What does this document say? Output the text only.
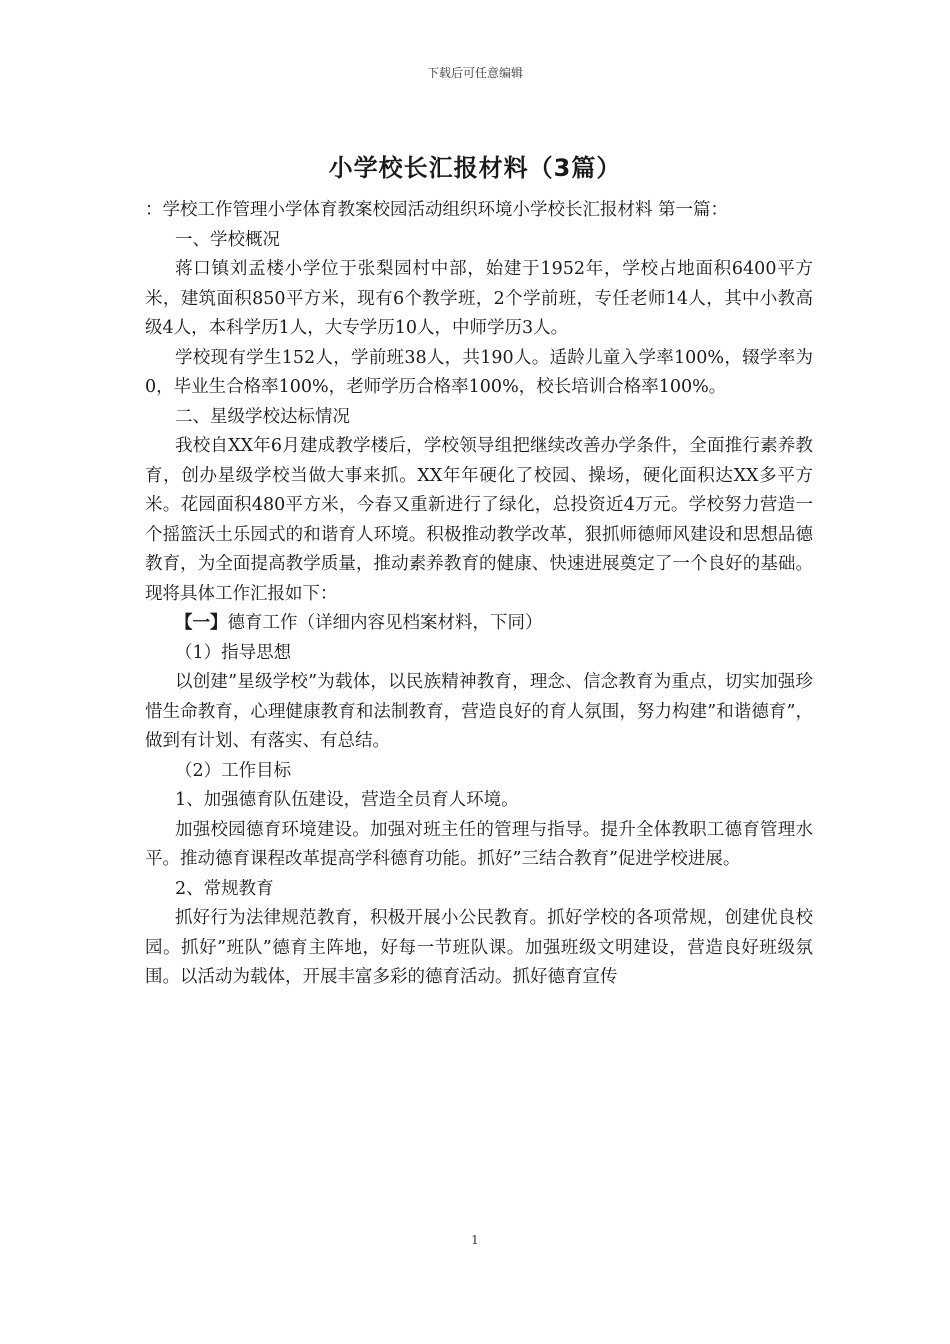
下载后可任意编辑
小学校长汇报材料（3篇）

：学校工作管理小学体育教案校园活动组织环境小学校长汇报材料 第一篇：

一、学校概况

蒋口镇刘孟楼小学位于张梨园村中部，始建于1952年，学校占地面积6400平方米，建筑面积850平方米，现有6个教学班，2个学前班，专任老师14人，其中小教高级4人，本科学历1人，大专学历10人，中师学历3人。

学校现有学生152人，学前班38人，共190人。适龄儿童入学率100%，辍学率为0，毕业生合格率100%，老师学历合格率100%，校长培训合格率100%。

二、星级学校达标情况

我校自XX年6月建成教学楼后，学校领导组把继续改善办学条件，全面推行素养教育，创办星级学校当做大事来抓。XX年年硬化了校园、操场，硬化面积达XX多平方米。花园面积480平方米，今春又重新进行了绿化，总投资近4万元。学校努力营造一个摇篮沃土乐园式的和谐育人环境。积极推动教学改革，狠抓师德师风建设和思想品德教育，为全面提高教学质量，推动素养教育的健康、快速进展奠定了一个良好的基础。现将具体工作汇报如下：

【一】德育工作（详细内容见档案材料，下同）

（1）指导思想

以创建”星级学校”为载体，以民族精神教育，理念、信念教育为重点，切实加强珍惜生命教育，心理健康教育和法制教育，营造良好的育人氛围，努力构建”和谐德育”，做到有计划、有落实、有总结。

（2）工作目标

1、加强德育队伍建设，营造全员育人环境。

加强校园德育环境建设。加强对班主任的管理与指导。提升全体教职工德育管理水平。推动德育课程改革提高学科德育功能。抓好”三结合教育”促进学校进展。

2、常规教育

抓好行为法律规范教育，积极开展小公民教育。抓好学校的各项常规，创建优良校园。抓好”班队”德育主阵地，好每一节班队课。加强班级文明建设，营造良好班级氛围。以活动为载体，开展丰富多彩的德育活动。抓好德育宣传

1
